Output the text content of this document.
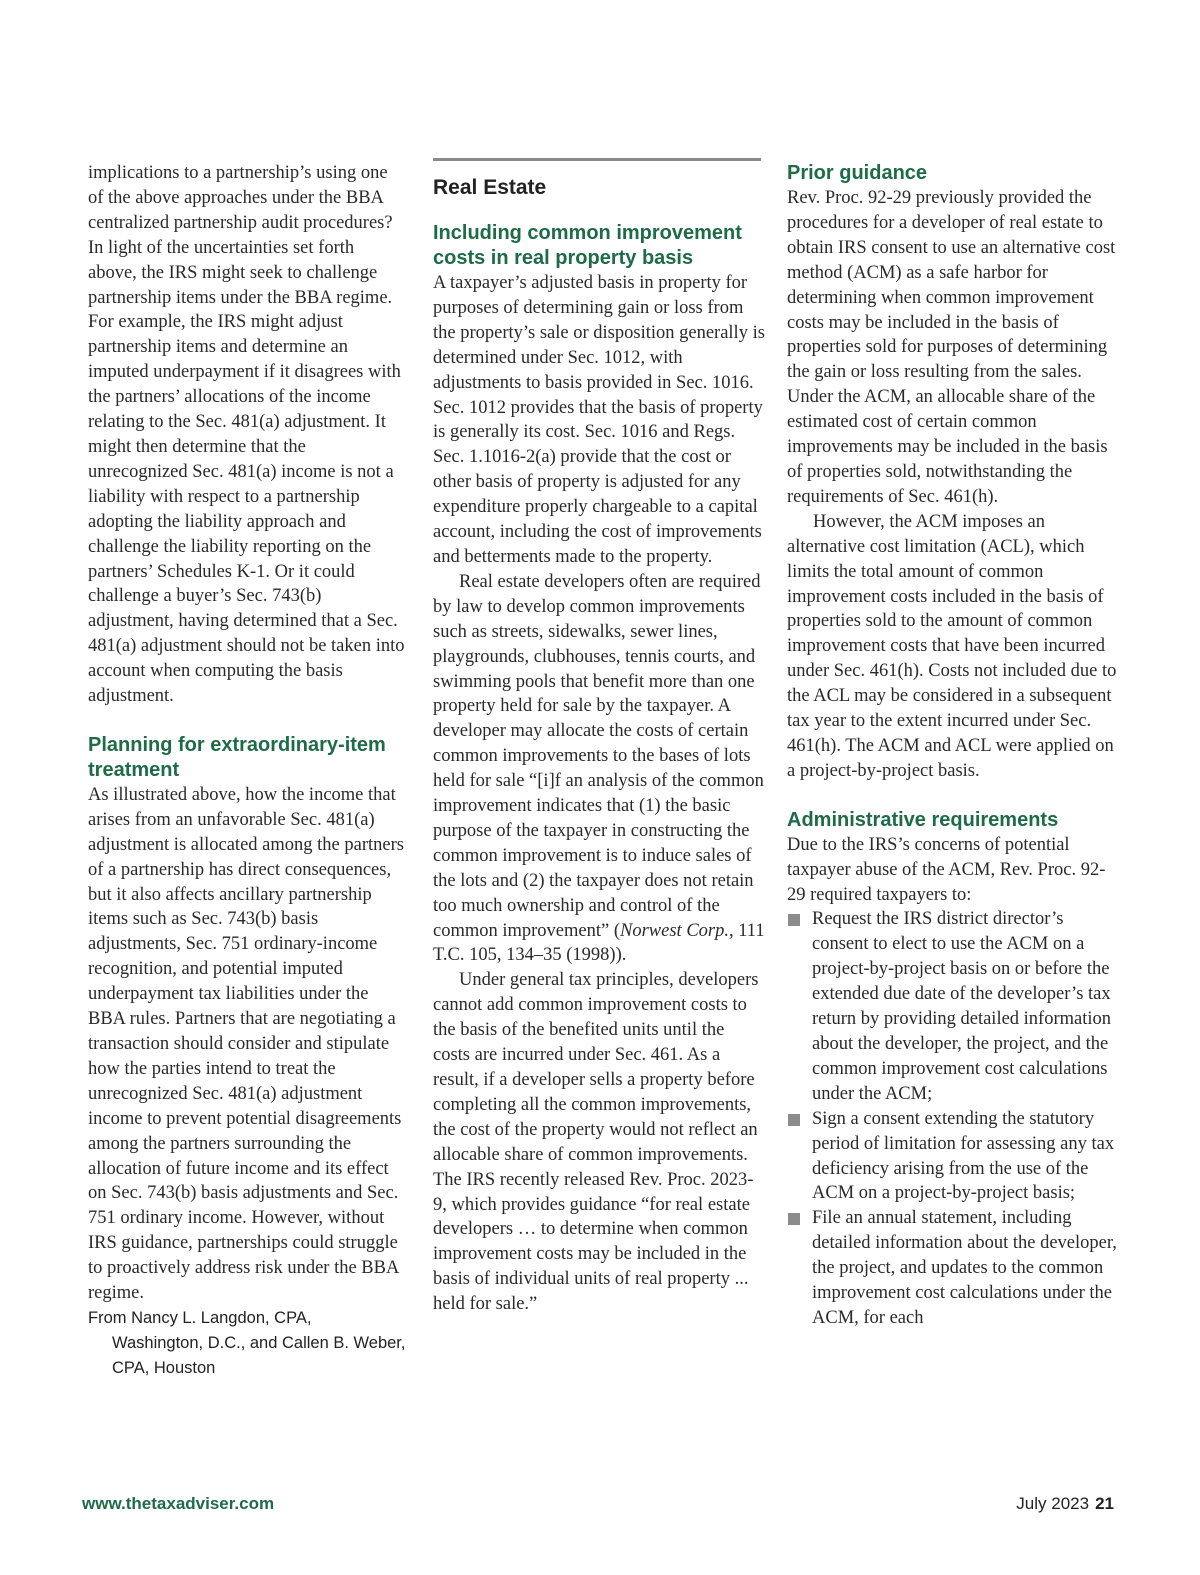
implications to a partnership’s using one of the above approaches under the BBA centralized partnership audit procedures? In light of the uncertainties set forth above, the IRS might seek to challenge partnership items under the BBA regime. For example, the IRS might adjust partnership items and determine an imputed underpayment if it disagrees with the partners’ allocations of the income relating to the Sec. 481(a) adjustment. It might then determine that the unrecognized Sec. 481(a) income is not a liability with respect to a partnership adopting the liability approach and challenge the liability reporting on the partners’ Schedules K-1. Or it could challenge a buyer’s Sec. 743(b) adjustment, having determined that a Sec. 481(a) adjustment should not be taken into account when computing the basis adjustment.

Planning for extraordinary-item treatment

As illustrated above, how the income that arises from an unfavorable Sec. 481(a) adjustment is allocated among the partners of a partnership has direct consequences, but it also affects ancillary partnership items such as Sec. 743(b) basis adjustments, Sec. 751 ordinary-income recognition, and potential imputed underpayment tax liabilities under the BBA rules. Partners that are negotiating a transaction should consider and stipulate how the parties intend to treat the unrecognized Sec. 481(a) adjustment income to prevent potential disagreements among the partners surrounding the allocation of future income and its effect on Sec. 743(b) basis adjustments and Sec. 751 ordinary income. However, without IRS guidance, partnerships could struggle to proactively address risk under the BBA regime.

From Nancy L. Langdon, CPA, Washington, D.C., and Callen B. Weber, CPA, Houston

Real Estate
Including common improvement costs in real property basis

A taxpayer’s adjusted basis in property for purposes of determining gain or loss from the property’s sale or disposition generally is determined under Sec. 1012, with adjustments to basis provided in Sec. 1016. Sec. 1012 provides that the basis of property is generally its cost. Sec. 1016 and Regs. Sec. 1.1016-2(a) provide that the cost or other basis of property is adjusted for any expenditure properly chargeable to a capital account, including the cost of improvements and betterments made to the property.

Real estate developers often are required by law to develop common improvements such as streets, sidewalks, sewer lines, playgrounds, clubhouses, tennis courts, and swimming pools that benefit more than one property held for sale by the taxpayer. A developer may allocate the costs of certain common improvements to the bases of lots held for sale “[i]f an analysis of the common improvement indicates that (1) the basic purpose of the taxpayer in constructing the common improvement is to induce sales of the lots and (2) the taxpayer does not retain too much ownership and control of the common improvement” (Norwest Corp., 111 T.C. 105, 134–35 (1998)).

Under general tax principles, developers cannot add common improvement costs to the basis of the benefited units until the costs are incurred under Sec. 461. As a result, if a developer sells a property before completing all the common improvements, the cost of the property would not reflect an allocable share of common improvements. The IRS recently released Rev. Proc. 2023-9, which provides guidance “for real estate developers … to determine when common improvement costs may be included in the basis of individual units of real property ... held for sale.”

Prior guidance

Rev. Proc. 92-29 previously provided the procedures for a developer of real estate to obtain IRS consent to use an alternative cost method (ACM) as a safe harbor for determining when common improvement costs may be included in the basis of properties sold for purposes of determining the gain or loss resulting from the sales. Under the ACM, an allocable share of the estimated cost of certain common improvements may be included in the basis of properties sold, notwithstanding the requirements of Sec. 461(h).

However, the ACM imposes an alternative cost limitation (ACL), which limits the total amount of common improvement costs included in the basis of properties sold to the amount of common improvement costs that have been incurred under Sec. 461(h). Costs not included due to the ACL may be considered in a subsequent tax year to the extent incurred under Sec. 461(h). The ACM and ACL were applied on a project-by-project basis.

Administrative requirements

Due to the IRS’s concerns of potential taxpayer abuse of the ACM, Rev. Proc. 92-29 required taxpayers to:

Request the IRS district director’s consent to elect to use the ACM on a project-by-project basis on or before the extended due date of the developer’s tax return by providing detailed information about the developer, the project, and the common improvement cost calculations under the ACM;
Sign a consent extending the statutory period of limitation for assessing any tax deficiency arising from the use of the ACM on a project-by-project basis;
File an annual statement, including detailed information about the developer, the project, and updates to the common improvement cost calculations under the ACM, for each
www.thetaxadviser.com	July 2023 21
